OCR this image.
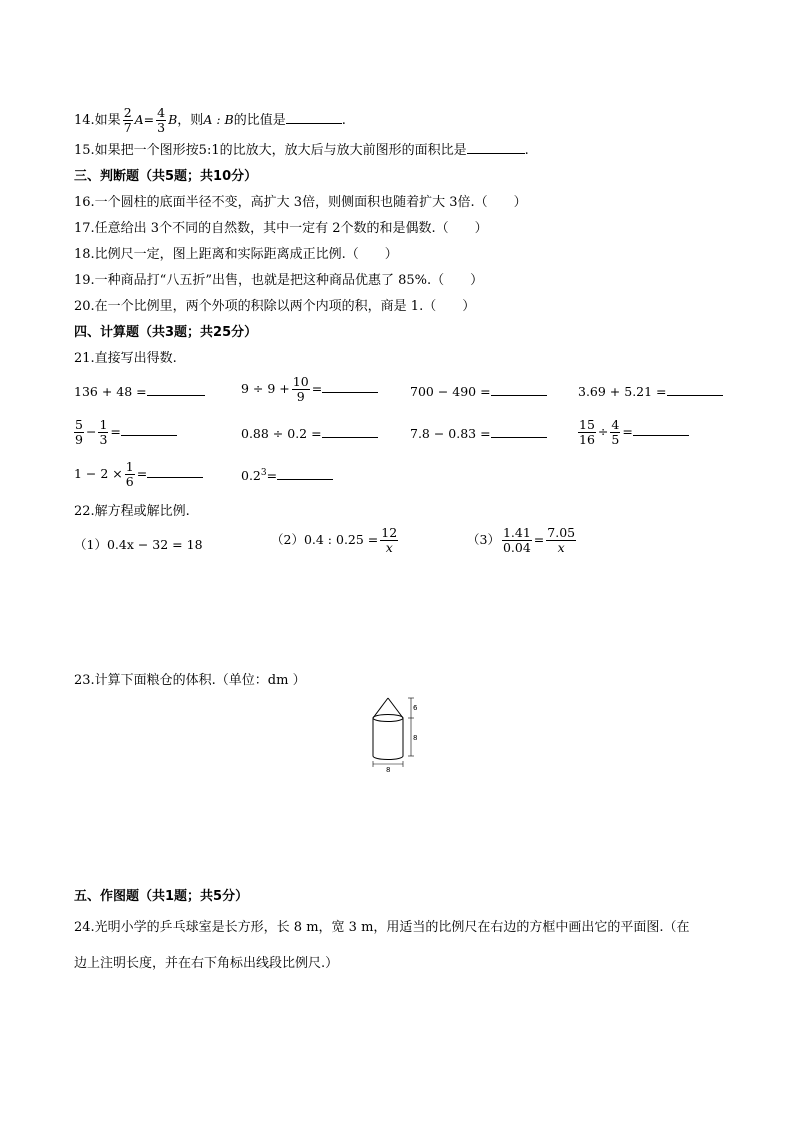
14.如果 $\frac{2}{7} A= \frac{4}{3}$ B，则A : B的比值是	.
15.如果把一个图形按5:1的比放大，放大后与放大前图形的面积比是	.
三、判断题（共5题；共10分）
16.一个圆柱的底面半径不变，高扩大 3倍，则侧面积也随着扩大 3倍.（　　）
17.任意给出 3个不同的自然数，其中一定有 2个数的和是偶数.（　　）
18.比例尺一定，图上距离和实际距离成正比例.（　　）
19.一种商品打“八五折”出售，也就是把这种商品优惠了 85%.（　　）
20.在一个比例里，两个外项的积除以两个内项的积，商是 1.（　　）
四、计算题（共3题；共25分）
21.直接写出得数.
136 + 48 =	$9 \div 9 + \frac{10}{9}$ =	700 − 490 =	3.69 + 5.21 =
$\frac{5}{9} - \frac{1}{3}$ =	0.88 ÷ 0.2 =	7.8 − 0.83 =	$\frac{15}{16} \div \frac{4}{5}$ =
$1 - 2 \times \frac{1}{6}$ =	$0.2^3=$
22.解方程或解比例.
（1）0.4x − 32 = 18	（2）0.4 : $0.25 = \frac{12}{x}$	$(3) \frac{1.41}{0.04} = \frac{7.05}{x}$
23.计算下面粮仓的体积.（单位：dm ）
6
8
8
五、作图题（共1题；共5分）
24.光明小学的乒乓球室是长方形，长 8 m，宽 3 m，用适当的比例尺在右边的方框中画出它的平面图.（在
边上注明长度，并在右下角标出线段比例尺.）
